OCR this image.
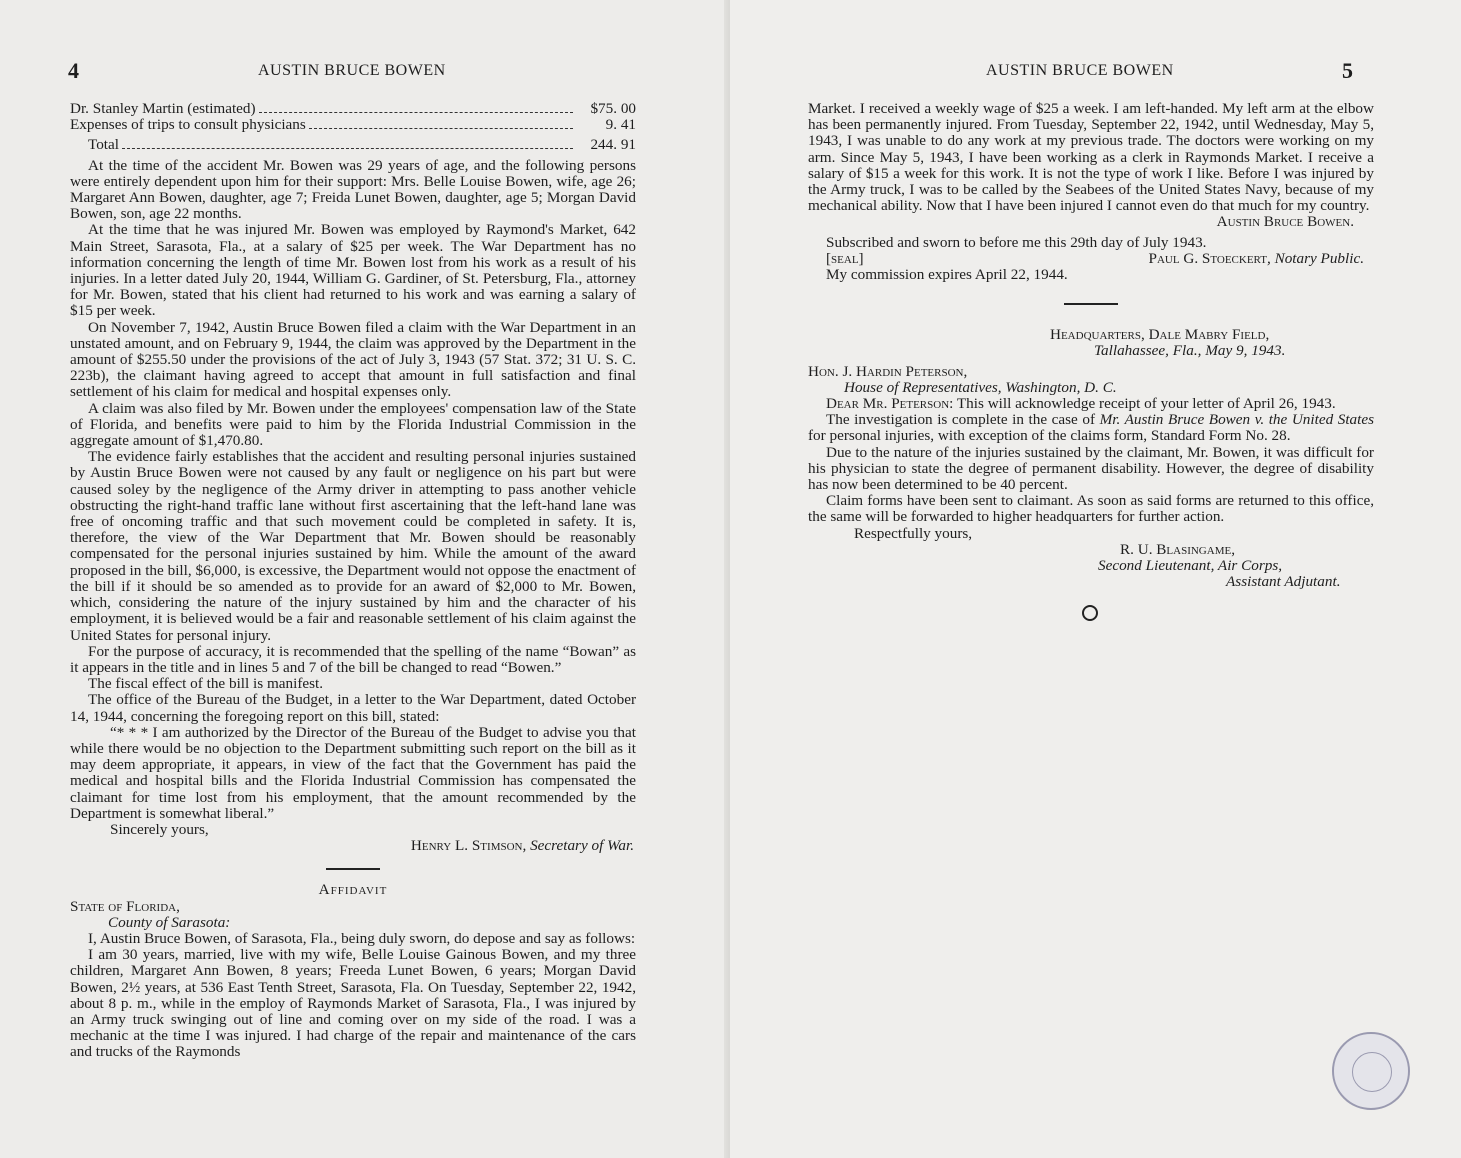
4	AUSTIN BRUCE BOWEN
Dr. Stanley Martin (estimated)	$75. 00
Expenses of trips to consult physicians	9. 41
Total	244. 91

At the time of the accident Mr. Bowen was 29 years of age, and the following persons were entirely dependent upon him for their support: Mrs. Belle Louise Bowen, wife, age 26; Margaret Ann Bowen, daughter, age 7; Freida Lunet Bowen, daughter, age 5; Morgan David Bowen, son, age 22 months.

At the time that he was injured Mr. Bowen was employed by Raymond's Market, 642 Main Street, Sarasota, Fla., at a salary of $25 per week. The War Department has no information concerning the length of time Mr. Bowen lost from his work as a result of his injuries. In a letter dated July 20, 1944, William G. Gardiner, of St. Petersburg, Fla., attorney for Mr. Bowen, stated that his client had returned to his work and was earning a salary of $15 per week.

On November 7, 1942, Austin Bruce Bowen filed a claim with the War Department in an unstated amount, and on February 9, 1944, the claim was approved by the Department in the amount of $255.50 under the provisions of the act of July 3, 1943 (57 Stat. 372; 31 U. S. C. 223b), the claimant having agreed to accept that amount in full satisfaction and final settlement of his claim for medical and hospital expenses only.

A claim was also filed by Mr. Bowen under the employees' compensation law of the State of Florida, and benefits were paid to him by the Florida Industrial Commission in the aggregate amount of $1,470.80.

The evidence fairly establishes that the accident and resulting personal injuries sustained by Austin Bruce Bowen were not caused by any fault or negligence on his part but were caused soley by the negligence of the Army driver in attempting to pass another vehicle obstructing the right-hand traffic lane without first ascertaining that the left-hand lane was free of oncoming traffic and that such movement could be completed in safety. It is, therefore, the view of the War Department that Mr. Bowen should be reasonably compensated for the personal injuries sustained by him. While the amount of the award proposed in the bill, $6,000, is excessive, the Department would not oppose the enactment of the bill if it should be so amended as to provide for an award of $2,000 to Mr. Bowen, which, considering the nature of the injury sustained by him and the character of his employment, it is believed would be a fair and reasonable settlement of his claim against the United States for personal injury.

For the purpose of accuracy, it is recommended that the spelling of the name “Bowan” as it appears in the title and in lines 5 and 7 of the bill be changed to read “Bowen.”

The fiscal effect of the bill is manifest.

The office of the Bureau of the Budget, in a letter to the War Department, dated October 14, 1944, concerning the foregoing report on this bill, stated:

“* * * I am authorized by the Director of the Bureau of the Budget to advise you that while there would be no objection to the Department submitting such report on the bill as it may deem appropriate, it appears, in view of the fact that the Government has paid the medical and hospital bills and the Florida Industrial Commission has compensated the claimant for time lost from his employment, that the amount recommended by the Department is somewhat liberal.”

Sincerely yours,

Henry L. Stimson, Secretary of War.
Affidavit
State of Florida,
County of Sarasota:

I, Austin Bruce Bowen, of Sarasota, Fla., being duly sworn, do depose and say as follows:

I am 30 years, married, live with my wife, Belle Louise Gainous Bowen, and my three children, Margaret Ann Bowen, 8 years; Freeda Lunet Bowen, 6 years; Morgan David Bowen, 2½ years, at 536 East Tenth Street, Sarasota, Fla. On Tuesday, September 22, 1942, about 8 p. m., while in the employ of Raymonds Market of Sarasota, Fla., I was injured by an Army truck swinging out of line and coming over on my side of the road. I was a mechanic at the time I was injured. I had charge of the repair and maintenance of the cars and trucks of the Raymonds

AUSTIN BRUCE BOWEN	5

Market. I received a weekly wage of $25 a week. I am left-handed. My left arm at the elbow has been permanently injured. From Tuesday, September 22, 1942, until Wednesday, May 5, 1943, I was unable to do any work at my previous trade. The doctors were working on my arm. Since May 5, 1943, I have been working as a clerk in Raymonds Market. I receive a salary of $15 a week for this work. It is not the type of work I like. Before I was injured by the Army truck, I was to be called by the Seabees of the United States Navy, because of my mechanical ability. Now that I have been injured I cannot even do that much for my country.

Austin Bruce Bowen.

Subscribed and sworn to before me this 29th day of July 1943.

[seal]	Paul G. Stoeckert, Notary Public.

My commission expires April 22, 1944.

Headquarters, Dale Mabry Field,
Tallahassee, Fla., May 9, 1943.
Hon. J. Hardin Peterson,
House of Representatives, Washington, D. C.

Dear Mr. Peterson: This will acknowledge receipt of your letter of April 26, 1943.

The investigation is complete in the case of Mr. Austin Bruce Bowen v. the United States for personal injuries, with exception of the claims form, Standard Form No. 28.

Due to the nature of the injuries sustained by the claimant, Mr. Bowen, it was difficult for his physician to state the degree of permanent disability. However, the degree of disability has now been determined to be 40 percent.

Claim forms have been sent to claimant. As soon as said forms are returned to this office, the same will be forwarded to higher headquarters for further action.

Respectfully yours,

R. U. Blasingame,
Second Lieutenant, Air Corps,
Assistant Adjutant.
